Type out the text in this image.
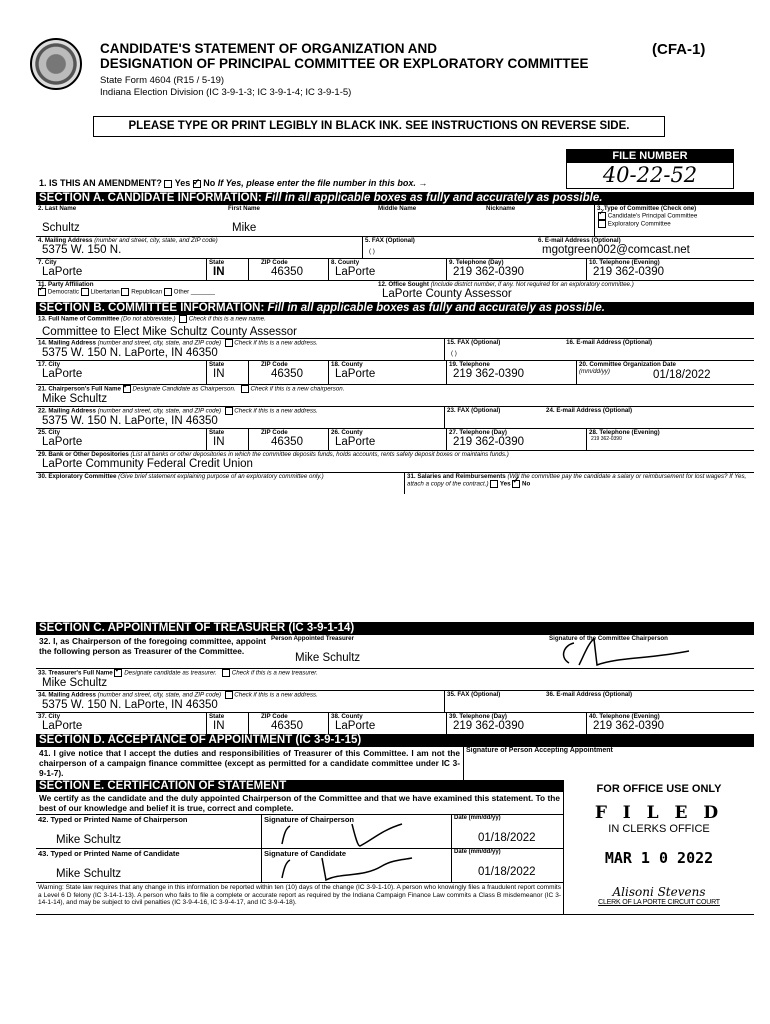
CANDIDATE'S STATEMENT OF ORGANIZATION AND
DESIGNATION OF PRINCIPAL COMMITTEE OR EXPLORATORY COMMITTEE
(CFA-1)
State Form 4604 (R15 / 5-19)
Indiana Election Division (IC 3-9-1-3; IC 3-9-1-4; IC 3-9-1-5)
PLEASE TYPE OR PRINT LEGIBLY IN BLACK INK. SEE INSTRUCTIONS ON REVERSE SIDE.
FILE NUMBER
40-22-52
1. IS THIS AN AMENDMENT? Yes ✓ No If Yes, please enter the file number in this box. →
SECTION A. CANDIDATE INFORMATION: Fill in all applicable boxes as fully and accurately as possible.
2. Last Name
Schultz
First Name
Mike
Middle Name	Nickname	3. Type of Committee (Check one)
✓ Candidate's Principal Committee
Exploratory Committee
4. Mailing Address (number and street, city, state, and ZIP code)
5375 W. 150 N.
5. FAX (Optional)
( )
6. E-mail Address (Optional)
mgotgreen002@comcast.net
7. City
LaPorte
State
IN
ZIP Code
46350
8. County
LaPorte
9. Telephone (Day)
219 362-0390
10. Telephone (Evening)
219 362-0390
11. Party Affiliation
✓ Democratic Libertarian Republican Other _______
12. Office Sought (Include district number, if any. Not required for an exploratory committee.)
LaPorte County Assessor
SECTION B. COMMITTEE INFORMATION: Fill in all applicable boxes as fully and accurately as possible.
13. Full Name of Committee (Do not abbreviate.) Check if this is a new name.
Committee to Elect Mike Schultz County Assessor
14. Mailing Address (number and street, city, state, and ZIP code) Check if this is a new address.
5375 W. 150 N. LaPorte, IN 46350
15. FAX (Optional)
( )
16. E-mail Address (Optional)
17. City
LaPorte
State
IN
ZIP Code
46350
18. County
LaPorte
19. Telephone
219 362-0390
20. Committee Organization Date
(mm/dd/yy)	01/18/2022
21. Chairperson's Full Name ✓ Designate Candidate as Chairperson. Check if this is a new chairperson.
Mike Schultz
22. Mailing Address (number and street, city, state, and ZIP code) Check if this is a new address.
5375 W. 150 N. LaPorte, IN 46350
23. FAX (Optional)	24. E-mail Address (Optional)
25. City
LaPorte
State
IN
ZIP Code
46350
26. County
LaPorte
27. Telephone (Day)
219 362-0390
28. Telephone (Evening)
219 362-0390
29. Bank or Other Depositories (List all banks or other depositories in which the committee deposits funds, holds accounts, rents safety deposit boxes or maintains funds.)
LaPorte Community Federal Credit Union
30. Exploratory Committee (Give brief statement explaining purpose of an exploratory committee only.)	31. Salaries and Reimbursements (Will the committee pay the candidate a salary or reimbursement for lost wages? If Yes, attach a copy of the contract.) Yes ✓ No
SECTION C. APPOINTMENT OF TREASURER (IC 3-9-1-14)
32. I, as Chairperson of the foregoing committee, appoint the following person as Treasurer of the Committee.
Person Appointed Treasurer
Mike Schultz
Signature of the Committee Chairperson
33. Treasurer's Full Name ✓ Designate candidate as treasurer. Check if this is a new treasurer.
Mike Schultz
34. Mailing Address (number and street, city, state, and ZIP code) Check if this is a new address.
5375 W. 150 N. LaPorte, IN 46350
35. FAX (Optional)	36. E-mail Address (Optional)
37. City
LaPorte
State
IN
ZIP Code
46350
38. County
LaPorte
39. Telephone (Day)
219 362-0390
40. Telephone (Evening)
219 362-0390
SECTION D. ACCEPTANCE OF APPOINTMENT (IC 3-9-1-15)
41. I give notice that I accept the duties and responsibilities of Treasurer of this Committee. I am not the chairperson of a campaign finance committee (except as permitted for a candidate committee under IC 3-9-1-7).
Signature of Person Accepting Appointment
SECTION E. CERTIFICATION OF STATEMENT
We certify as the candidate and the duly appointed Chairperson of the Committee and that we have examined this statement. To the best of our knowledge and belief it is true, correct and complete.
42. Typed or Printed Name of Chairperson
Mike Schultz
Signature of Chairperson	Date (mm/dd/yy)
01/18/2022
43. Typed or Printed Name of Candidate
Mike Schultz
Signature of Candidate	Date (mm/dd/yy)
01/18/2022
Warning: State law requires that any change in this information be reported within ten (10) days of the change (IC 3-9-1-10). A person who knowingly files a fraudulent report commits a Level 6 D felony (IC 3-14-1-13). A person who fails to file a complete or accurate report as required by the Indiana Campaign Finance Law commits a Class B misdemeanor (IC 3-14-1-14), and may be subject to civil penalties (IC 3-9-4-16, IC 3-9-4-17, and IC 3-9-4-18).
FOR OFFICE USE ONLY
F I L E D
IN CLERKS OFFICE
MAR 1 0 2022
Alisoni Stevens
CLERK OF LA PORTE CIRCUIT COURT
